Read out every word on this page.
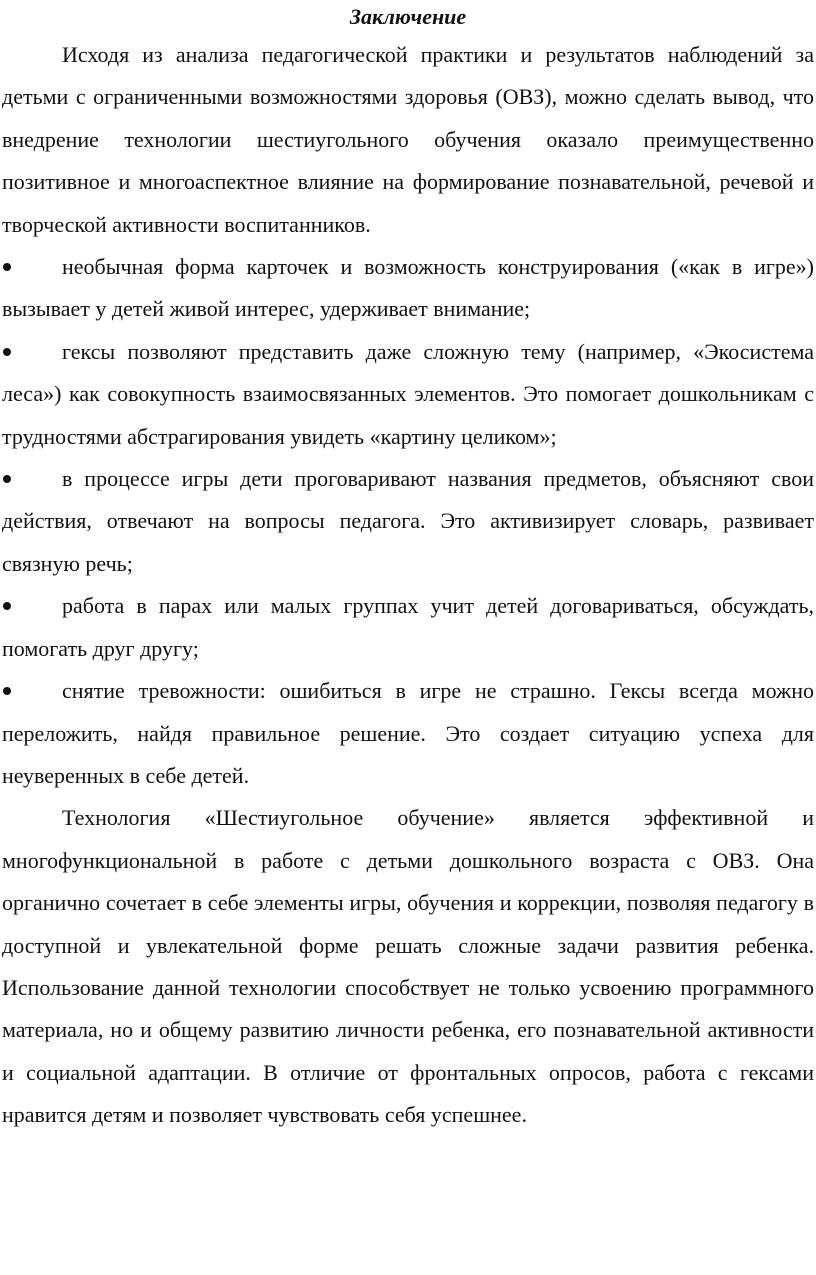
Заключение

Исходя из анализа педагогической практики и результатов наблюдений за детьми с ограниченными возможностями здоровья (ОВЗ), можно сделать вывод, что внедрение технологии шестиугольного обучения оказало преимущественно позитивное и многоаспектное влияние на формирование познавательной, речевой и творческой активности воспитанников.

необычная форма карточек и возможность конструирования («как в игре») вызывает у детей живой интерес, удерживает внимание;
гексы позволяют представить даже сложную тему (например, «Экосистема леса») как совокупность взаимосвязанных элементов. Это помогает дошкольникам с трудностями абстрагирования увидеть «картину целиком»;
в процессе игры дети проговаривают названия предметов, объясняют свои действия, отвечают на вопросы педагога. Это активизирует словарь, развивает связную речь;
работа в парах или малых группах учит детей договариваться, обсуждать, помогать друг другу;
снятие тревожности: ошибиться в игре не страшно. Гексы всегда можно переложить, найдя правильное решение. Это создает ситуацию успеха для неуверенных в себе детей.

Технология «Шестиугольное обучение» является эффективной и многофункциональной в работе с детьми дошкольного возраста с ОВЗ. Она органично сочетает в себе элементы игры, обучения и коррекции, позволяя педагогу в доступной и увлекательной форме решать сложные задачи развития ребенка. Использование данной технологии способствует не только усвоению программного материала, но и общему развитию личности ребенка, его познавательной активности и социальной адаптации. В отличие от фронтальных опросов, работа с гексами нравится детям и позволяет чувствовать себя успешнее.
